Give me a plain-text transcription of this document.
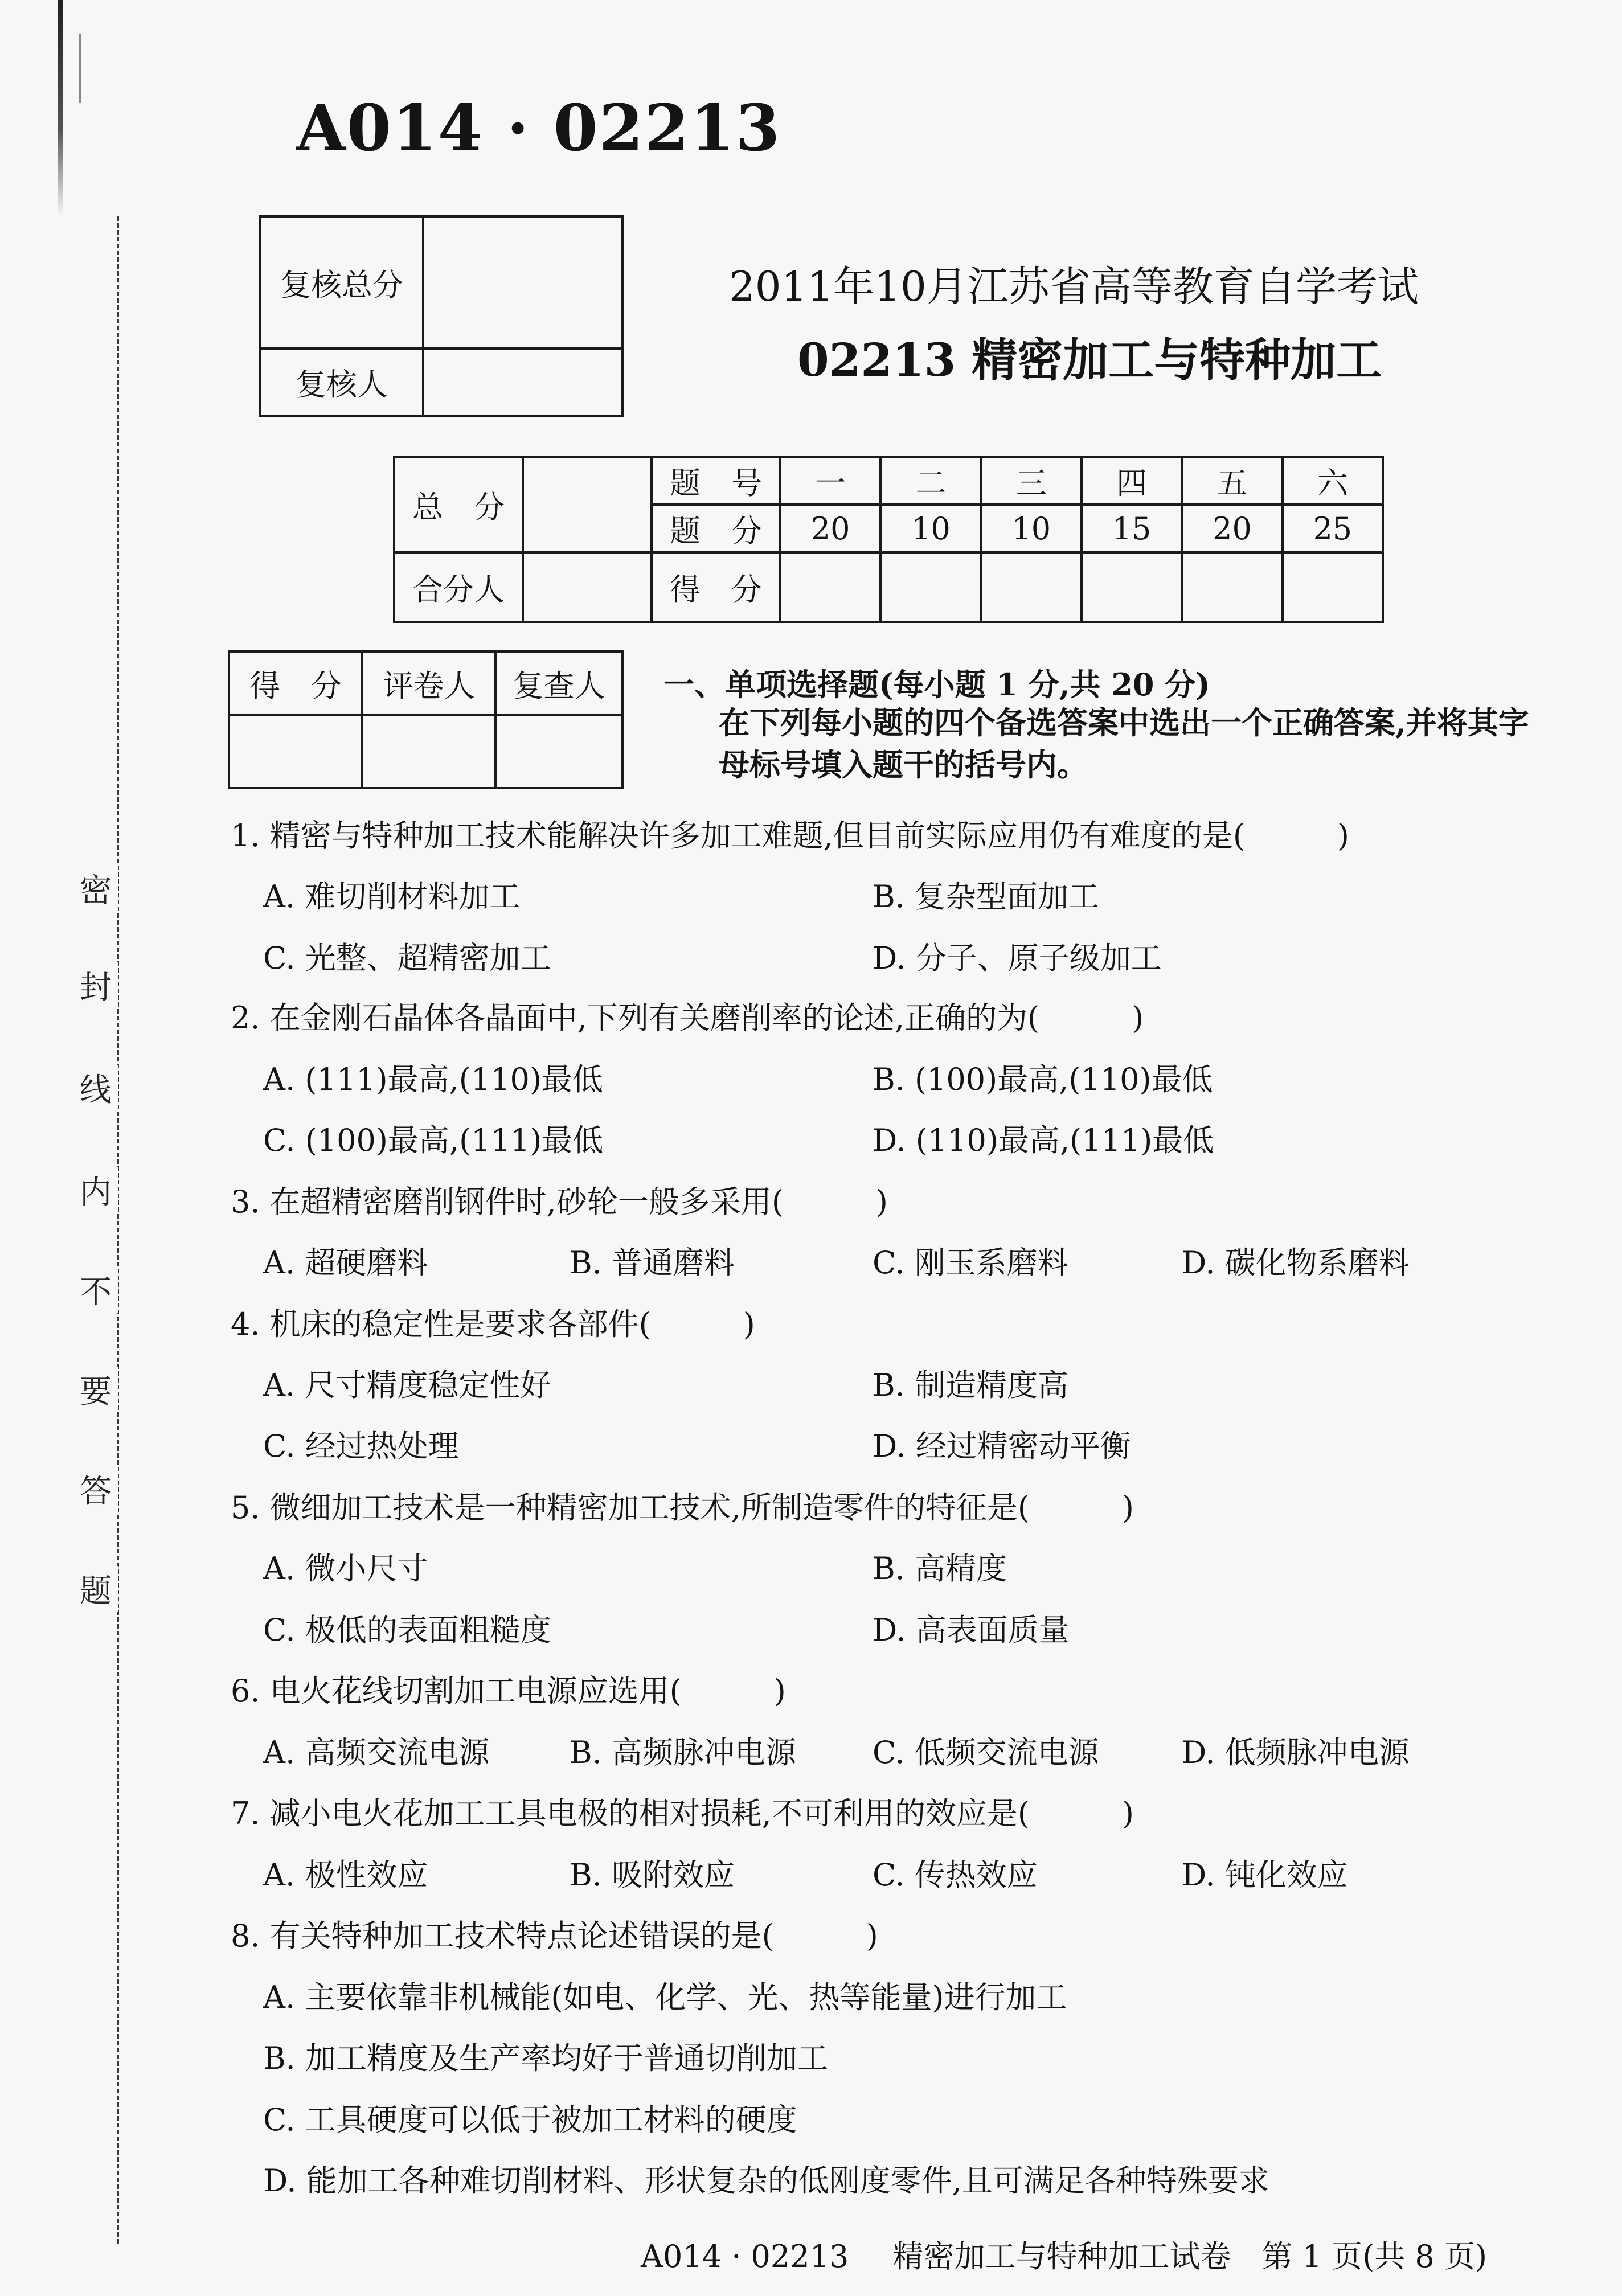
密
封
线
内
不
要
答
题
A014 · 02213
复核总分	
复核人	
2011年10月江苏省高等教育自学考试
02213 精密加工与特种加工
总　分		题　号	一	二	三	四	五	六
		题　分	20	10	10	15	20	25
合分人		得　分						
得　分	评卷人	复查人
		一、单项选择题(每小题 1 分,共 20 分)
在下列每小题的四个备选答案中选出一个正确答案,并将其字母标号填入题干的括号内。
1. 精密与特种加工技术能解决许多加工难题,但目前实际应用仍有难度的是(　　　)
A. 难切削材料加工	B. 复杂型面加工
C. 光整、超精密加工	D. 分子、原子级加工
2. 在金刚石晶体各晶面中,下列有关磨削率的论述,正确的为(　　　)
A. (111)最高,(110)最低	B. (100)最高,(110)最低
C. (100)最高,(111)最低	D. (110)最高,(111)最低
3. 在超精密磨削钢件时,砂轮一般多采用(　　　)
A. 超硬磨料	B. 普通磨料	C. 刚玉系磨料	D. 碳化物系磨料
4. 机床的稳定性是要求各部件(　　　)
A. 尺寸精度稳定性好	B. 制造精度高
C. 经过热处理	D. 经过精密动平衡
5. 微细加工技术是一种精密加工技术,所制造零件的特征是(　　　)
A. 微小尺寸	B. 高精度
C. 极低的表面粗糙度	D. 高表面质量
6. 电火花线切割加工电源应选用(　　　)
A. 高频交流电源	B. 高频脉冲电源 C. 低频交流电源	D. 低频脉冲电源
7. 减小电火花加工工具电极的相对损耗,不可利用的效应是(　　　)
A. 极性效应	B. 吸附效应	C. 传热效应	D. 钝化效应
8. 有关特种加工技术特点论述错误的是(　　　)
A. 主要依靠非机械能(如电、化学、光、热等能量)进行加工
B. 加工精度及生产率均好于普通切削加工
C. 工具硬度可以低于被加工材料的硬度
D. 能加工各种难切削材料、形状复杂的低刚度零件,且可满足各种特殊要求
A014 · 02213 精密加工与特种加工试卷　第 1 页(共 8 页)
